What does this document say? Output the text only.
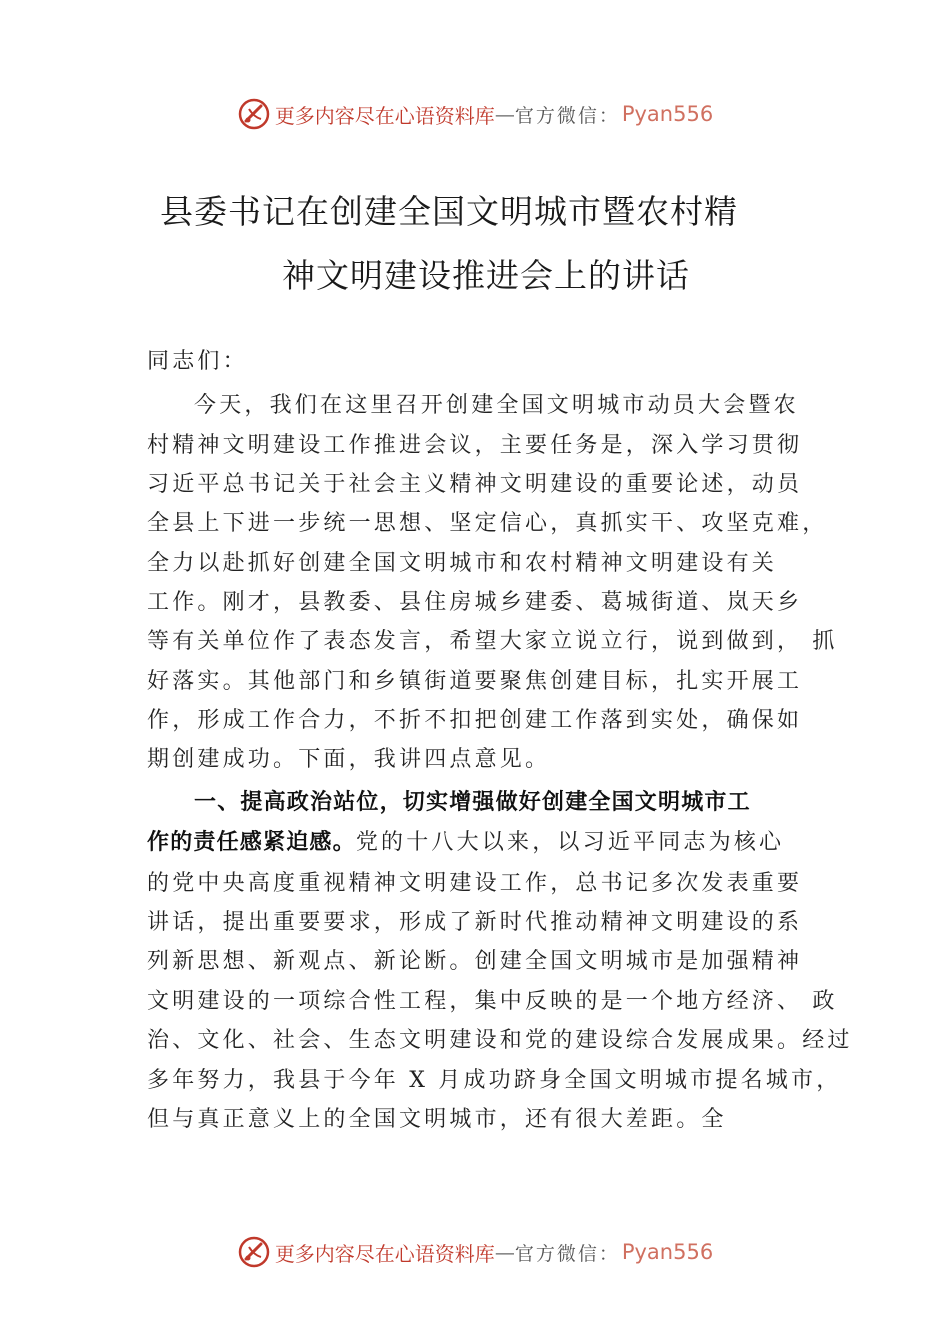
更多内容尽在心语资料库 — 官方微信： Pyan556
县委书记在创建全国文明城市暨农村精
神文明建设推进会上的讲话
同志们：
今天，我们在这里召开创建全国文明城市动员大会暨农
村精神文明建设工作推进会议，主要任务是，深入学习贯彻
习近平总书记关于社会主义精神文明建设的重要论述，动员
全县上下进一步统一思想、坚定信心，真抓实干、攻坚克难，
全力以赴抓好创建全国文明城市和农村精神文明建设有关
工作。刚才，县教委、县住房城乡建委、葛城街道、岚天乡
等有关单位作了表态发言，希望大家立说立行，说到做到， 抓
好落实。其他部门和乡镇街道要聚焦创建目标，扎实开展工
作，形成工作合力，不折不扣把创建工作落到实处，确保如
期创建成功。下面，我讲四点意见。
一、提高政治站位，切实增强做好创建全国文明城市工
作的责任感紧迫感。党的十八大以来，以习近平同志为核心
的党中央高度重视精神文明建设工作，总书记多次发表重要
讲话，提出重要要求，形成了新时代推动精神文明建设的系
列新思想、新观点、新论断。创建全国文明城市是加强精神
文明建设的一项综合性工程，集中反映的是一个地方经济、 政
治、文化、社会、生态文明建设和党的建设综合发展成果。经过
多年努力，我县于今年 X 月成功跻身全国文明城市提名城市，
但与真正意义上的全国文明城市，还有很大差距。全
更多内容尽在心语资料库 — 官方微信： Pyan556
